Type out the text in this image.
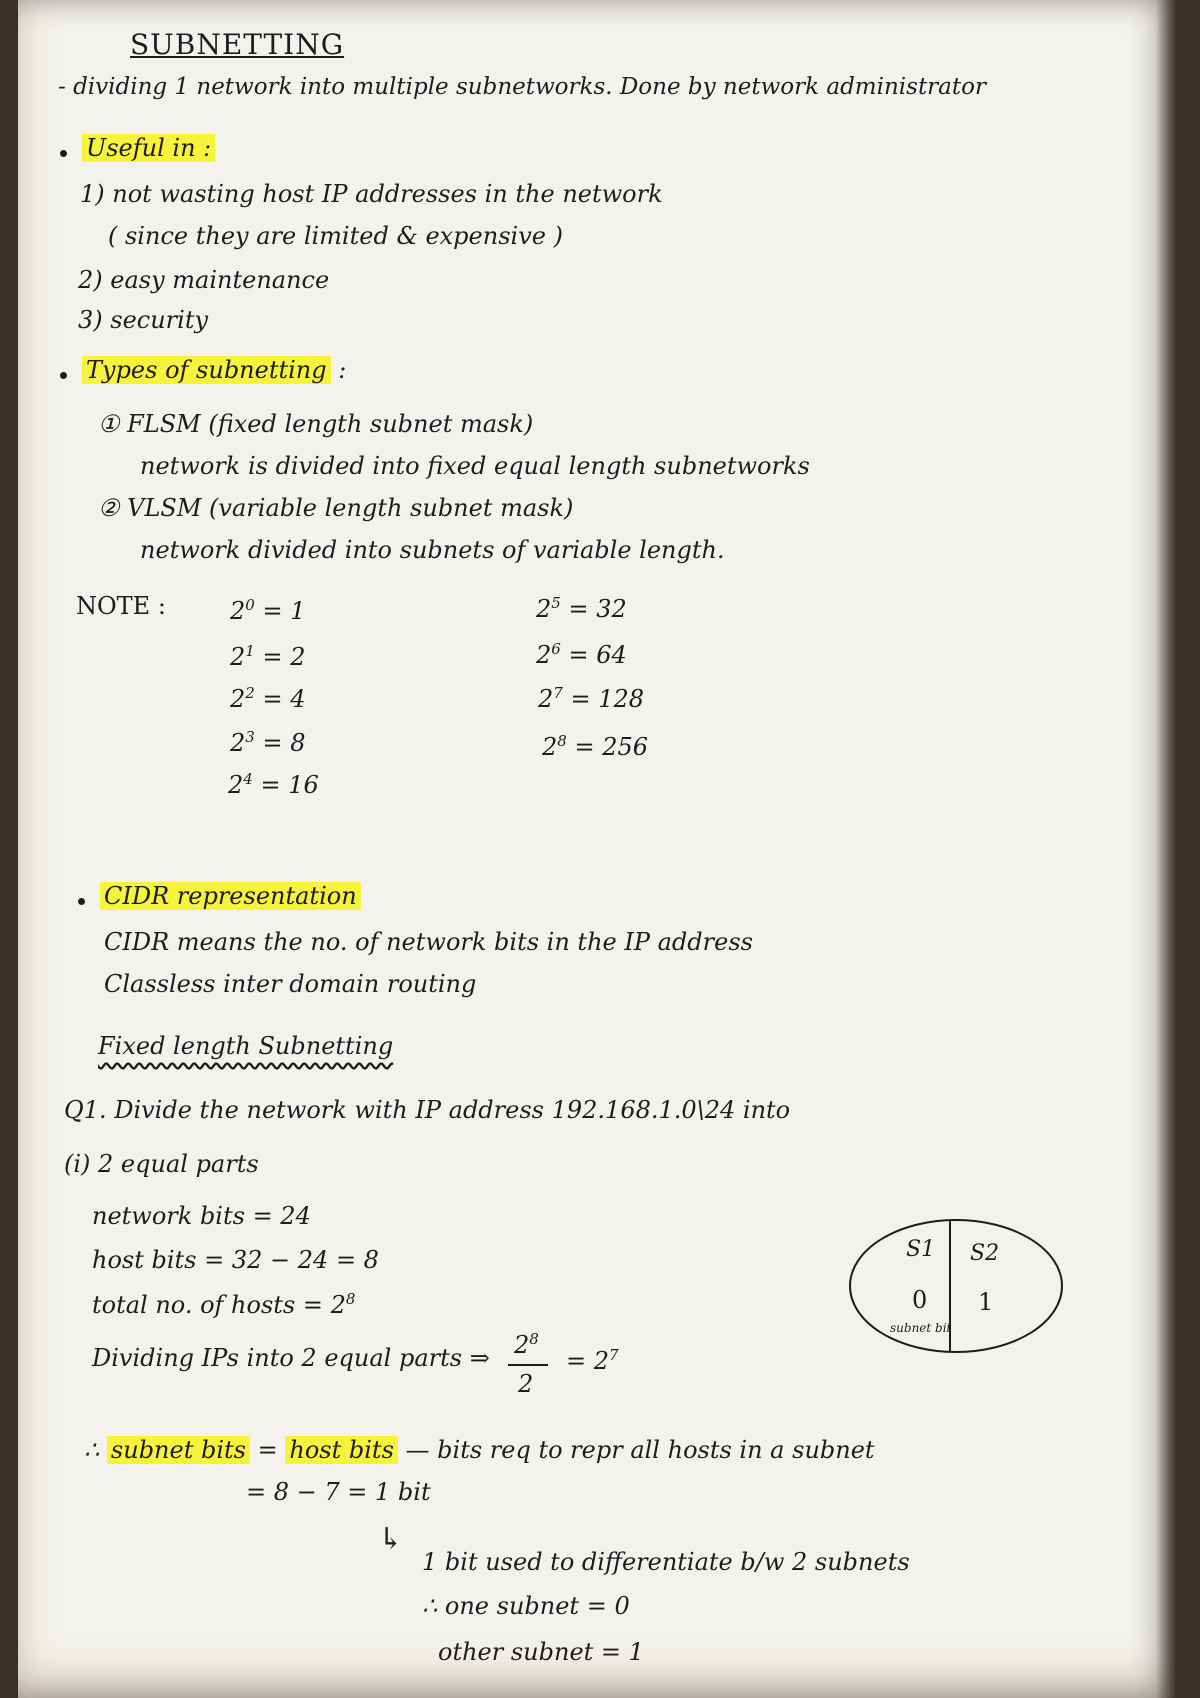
SUBNETTING
- dividing 1 network into multiple subnetworks. Done by network administrator
Useful in :
1) not wasting host IP addresses in the network
( since they are limited & expensive )
2) easy maintenance
3) security
Types of subnetting :
① FLSM (fixed length subnet mask)
network is divided into fixed equal length subnetworks
② VLSM (variable length subnet mask)
network divided into subnets of variable length.
NOTE :	$2^0 = 1$
$2^1 = 2$
$2^2 = 4$
$2^3 = 8$
$2^4 = 16$
$2^5 = 32$
$2^6 = 64$
$2^7 = 128$
$2^8 = 256$
CIDR representation
CIDR means the no. of network bits in the IP address
Classless inter domain routing
Fixed length Subnetting
Q1. Divide the network with IP address 192.168.1.0\24 into
(i) 2 equal parts
network bits = 24
host bits = 32 − 24 = 8
total no. of hosts = $2^8$
Dividing IPs into 2 equal parts ⇒ $2^8$
2
= $2^7$
∴ subnet bits = host bits — bits req to repr all hosts in a subnet
= 8 − 7 = 1 bit
↳
1 bit used to differentiate b/w 2 subnets
∴ one subnet = 0
other subnet = 1
S1 S2
0 1
subnet bit
